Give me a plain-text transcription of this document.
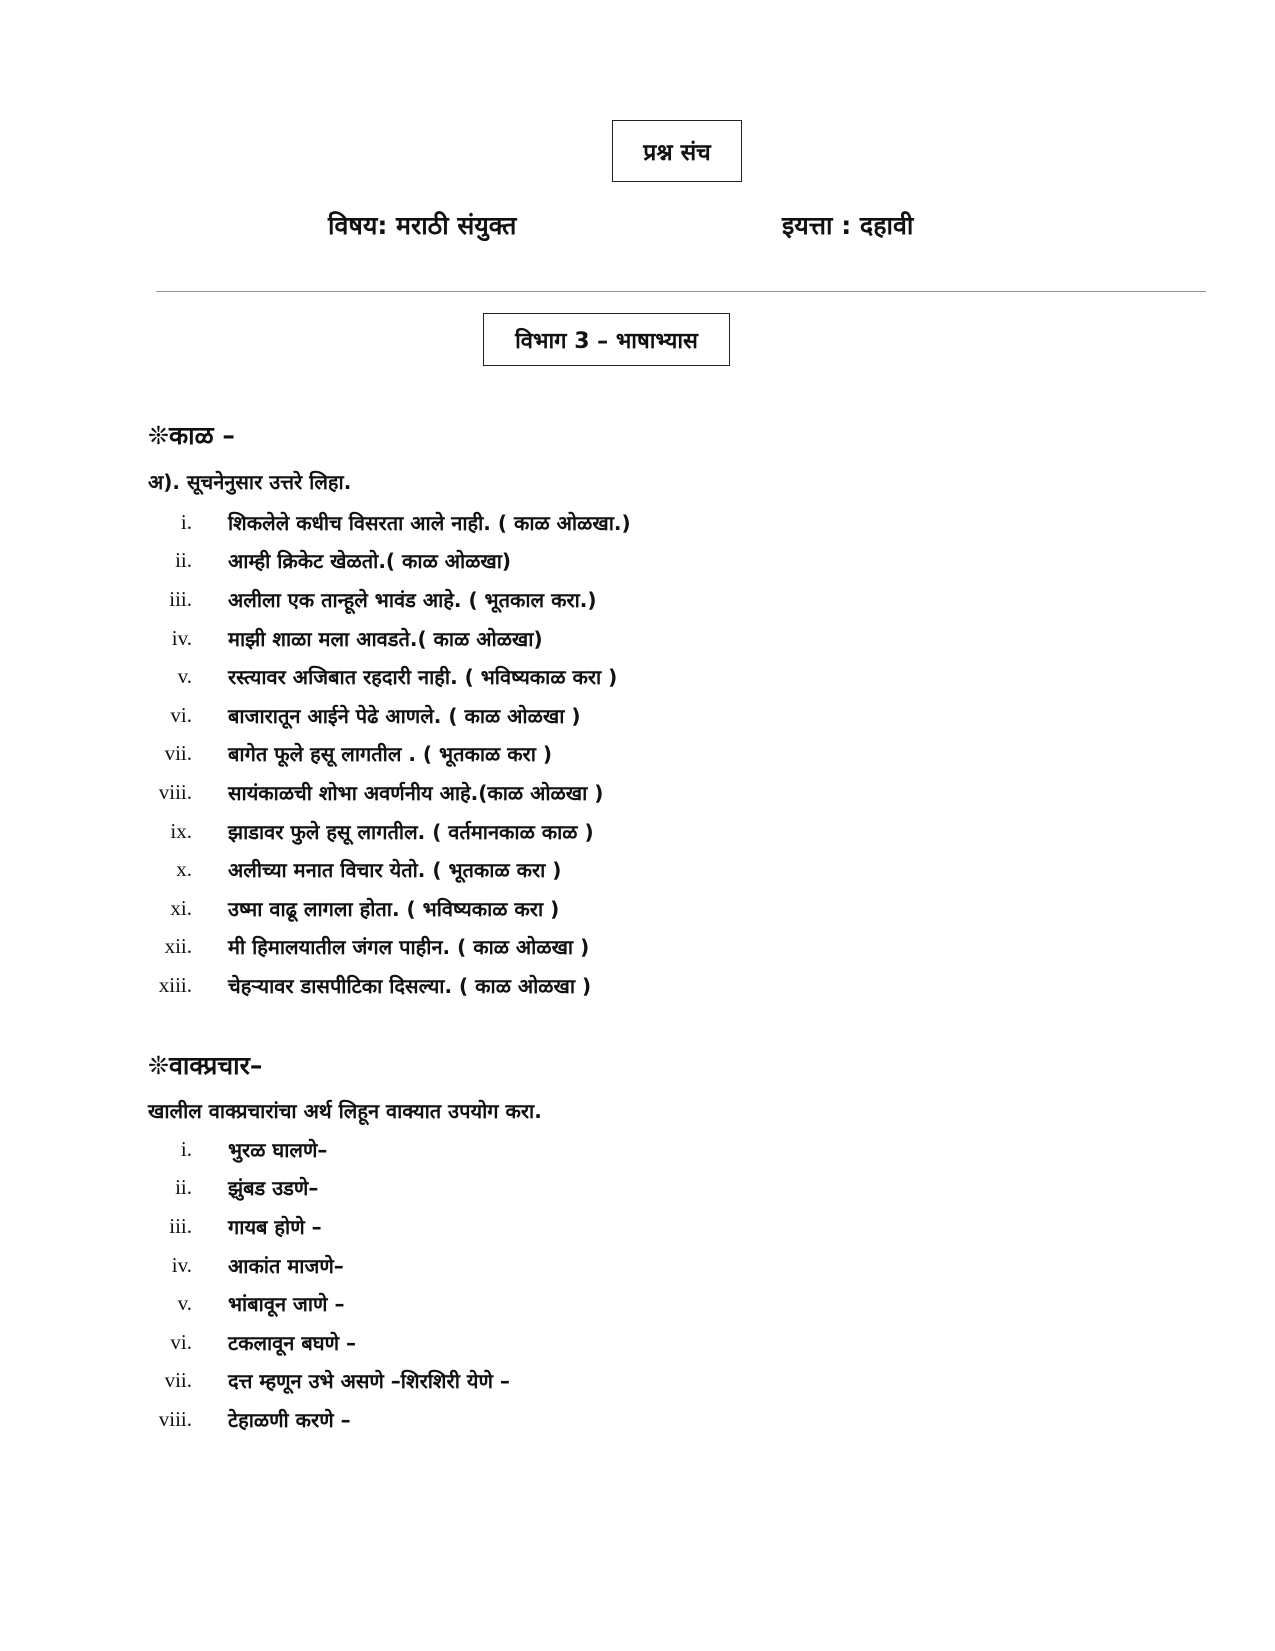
प्रश्न संच
विषय: मराठी संयुक्त	इयत्ता : दहावी
विभाग 3 – भाषाभ्यास
❊काळ –
अ). सूचनेनुसार उत्तरे लिहा.
i. शिकलेले कधीच विसरता आले नाही. ( काळ ओळखा.)
ii. आम्ही क्रिकेट खेळतो.( काळ ओळखा)
iii. अलीला एक तान्हूले भावंड आहे. ( भूतकाल करा.)
iv. माझी शाळा मला आवडते.( काळ ओळखा)
v. रस्त्यावर अजिबात रहदारी नाही. ( भविष्यकाळ करा )
vi. बाजारातून आईने पेढे आणले. ( काळ ओळखा )
vii. बागेत फूले हसू लागतील . ( भूतकाळ करा )
viii. सायंकाळची शोभा अवर्णनीय आहे.(काळ ओळखा )
ix. झाडावर फुले हसू लागतील. ( वर्तमानकाळ काळ )
x. अलीच्या मनात विचार येतो. ( भूतकाळ करा )
xi. उष्मा वाढू लागला होता. ( भविष्यकाळ करा )
xii. मी हिमालयातील जंगल पाहीन. ( काळ ओळखा )
xiii. चेहऱ्यावर डासपीटिका दिसल्या. ( काळ ओळखा )
❊वाक्प्रचार–
खालील वाक्प्रचारांचा अर्थ लिहून वाक्यात उपयोग करा.
i. भुरळ घालणे–
ii. झुंबड उडणे–
iii. गायब होणे –
iv. आकांत माजणे–
v. भांबावून जाणे –
vi. टकलावून बघणे –
vii. दत्त म्हणून उभे असणे –शिरशिरी येणे –
viii. टेहाळणी करणे –
